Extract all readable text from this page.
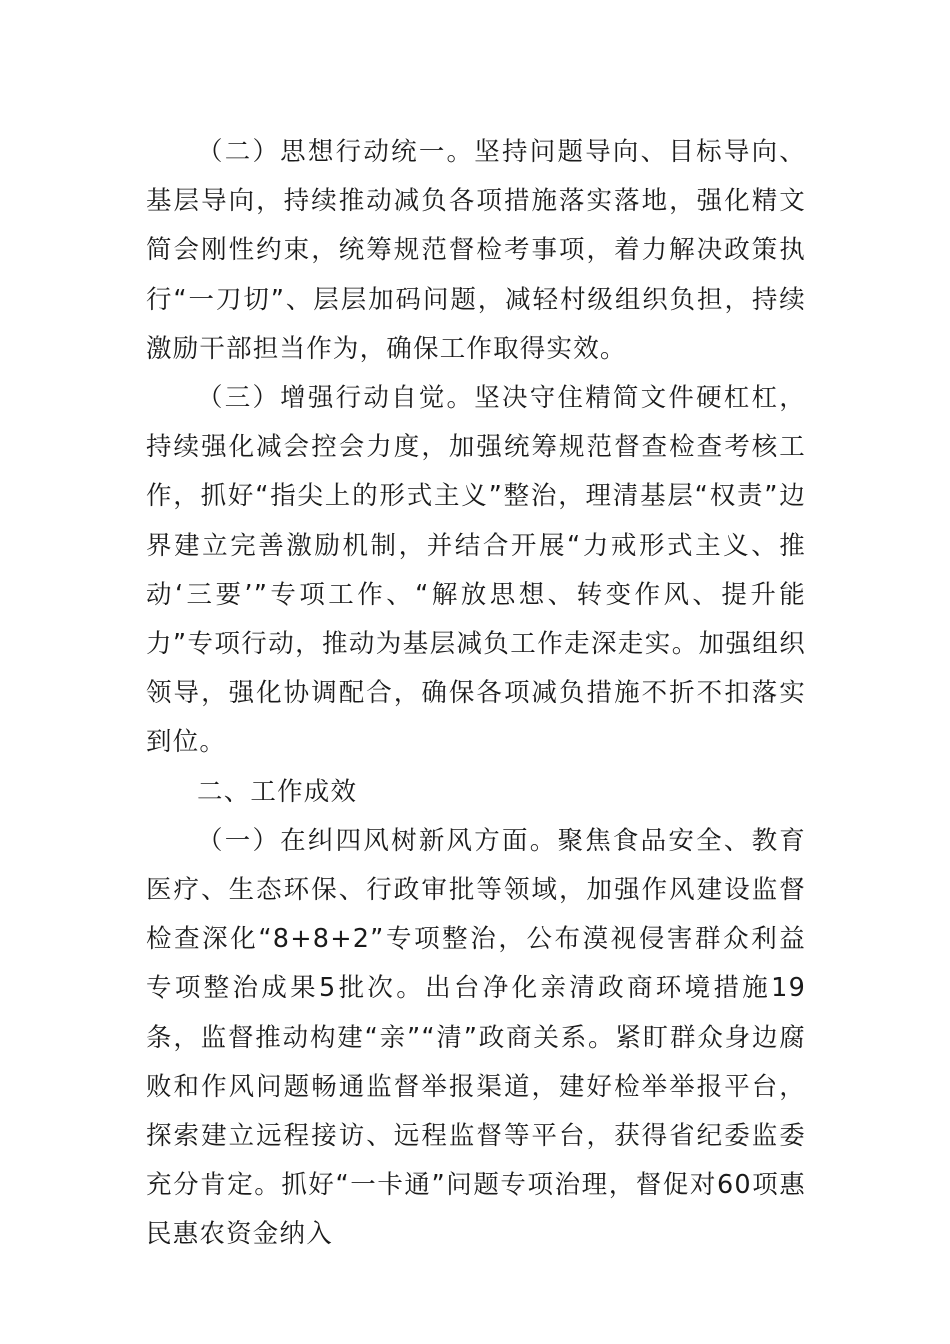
（二）思想行动统一。坚持问题导向、目标导向、基层导向，持续推动减负各项措施落实落地，强化精文简会刚性约束，统筹规范督检考事项，着力解决政策执行“一刀切”、层层加码问题，减轻村级组织负担，持续激励干部担当作为，确保工作取得实效。

（三）增强行动自觉。坚决守住精简文件硬杠杠，持续强化减会控会力度，加强统筹规范督查检查考核工作，抓好“指尖上的形式主义”整治，理清基层“权责”边界建立完善激励机制，并结合开展“力戒形式主义、推动‘三要’”专项工作、“解放思想、转变作风、提升能力”专项行动，推动为基层减负工作走深走实。加强组织领导，强化协调配合，确保各项减负措施不折不扣落实到位。

二、工作成效

（一）在纠四风树新风方面。聚焦食品安全、教育医疗、生态环保、行政审批等领域，加强作风建设监督检查深化“8+8+2”专项整治，公布漠视侵害群众利益专项整治成果5批次。出台净化亲清政商环境措施19条，监督推动构建“亲”“清”政商关系。紧盯群众身边腐败和作风问题畅通监督举报渠道，建好检举举报平台，探索建立远程接访、远程监督等平台，获得省纪委监委充分肯定。抓好“一卡通”问题专项治理，督促对60项惠民惠农资金纳入
